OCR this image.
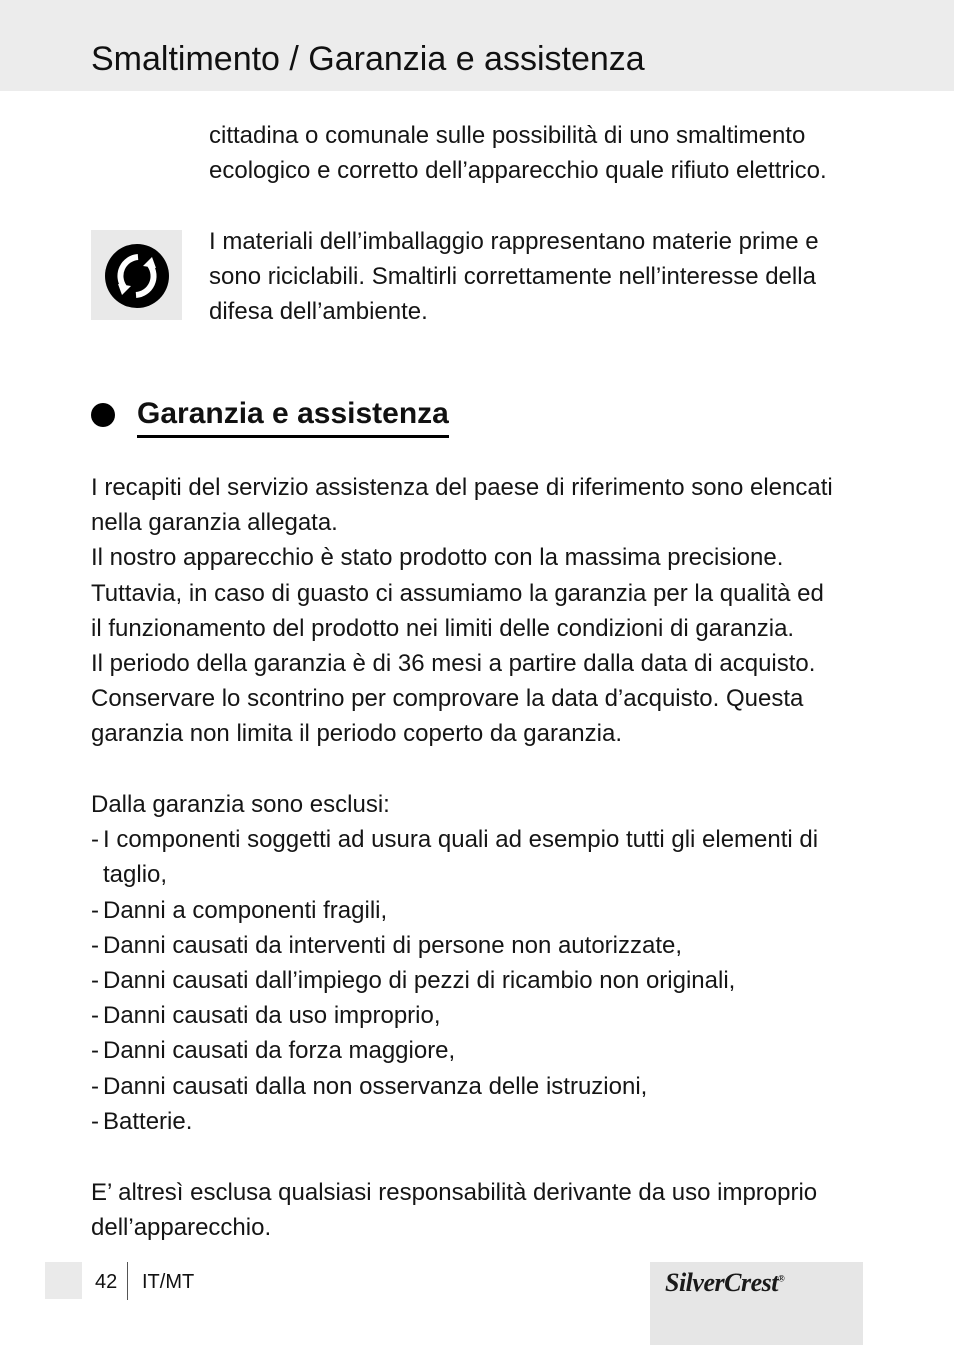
Smaltimento / Garanzia e assistenza
cittadina o comunale sulle possibilità di uno smaltimento
ecologico e corretto dell’apparecchio quale rifiuto elettrico.
I materiali dell’imballaggio rappresentano materie prime e
sono riciclabili. Smaltirli correttamente nell’interesse della
difesa dell’ambiente.
Garanzia e assistenza
I recapiti del servizio assistenza del paese di riferimento sono elencati
nella garanzia allegata.
Il nostro apparecchio è stato prodotto con la massima precisione.
Tuttavia, in caso di guasto ci assumiamo la garanzia per la qualità ed
il funzionamento del prodotto nei limiti delle condizioni di garanzia.
Il periodo della garanzia è di 36 mesi a partire dalla data di acquisto.
Conservare lo scontrino per comprovare la data d’acquisto. Questa
garanzia non limita il periodo coperto da garanzia.
Dalla garanzia sono esclusi:
- I componenti soggetti ad usura quali ad esempio tutti gli elementi di
taglio,
- Danni a componenti fragili,
- Danni causati da interventi di persone non autorizzate,
- Danni causati dall’impiego di pezzi di ricambio non originali,
- Danni causati da uso improprio,
- Danni causati da forza maggiore,
- Danni causati dalla non osservanza delle istruzioni,
- Batterie.
E’ altresì esclusa qualsiasi responsabilità derivante da uso improprio
dell’apparecchio.
42 IT/MT	SilverCrest®
